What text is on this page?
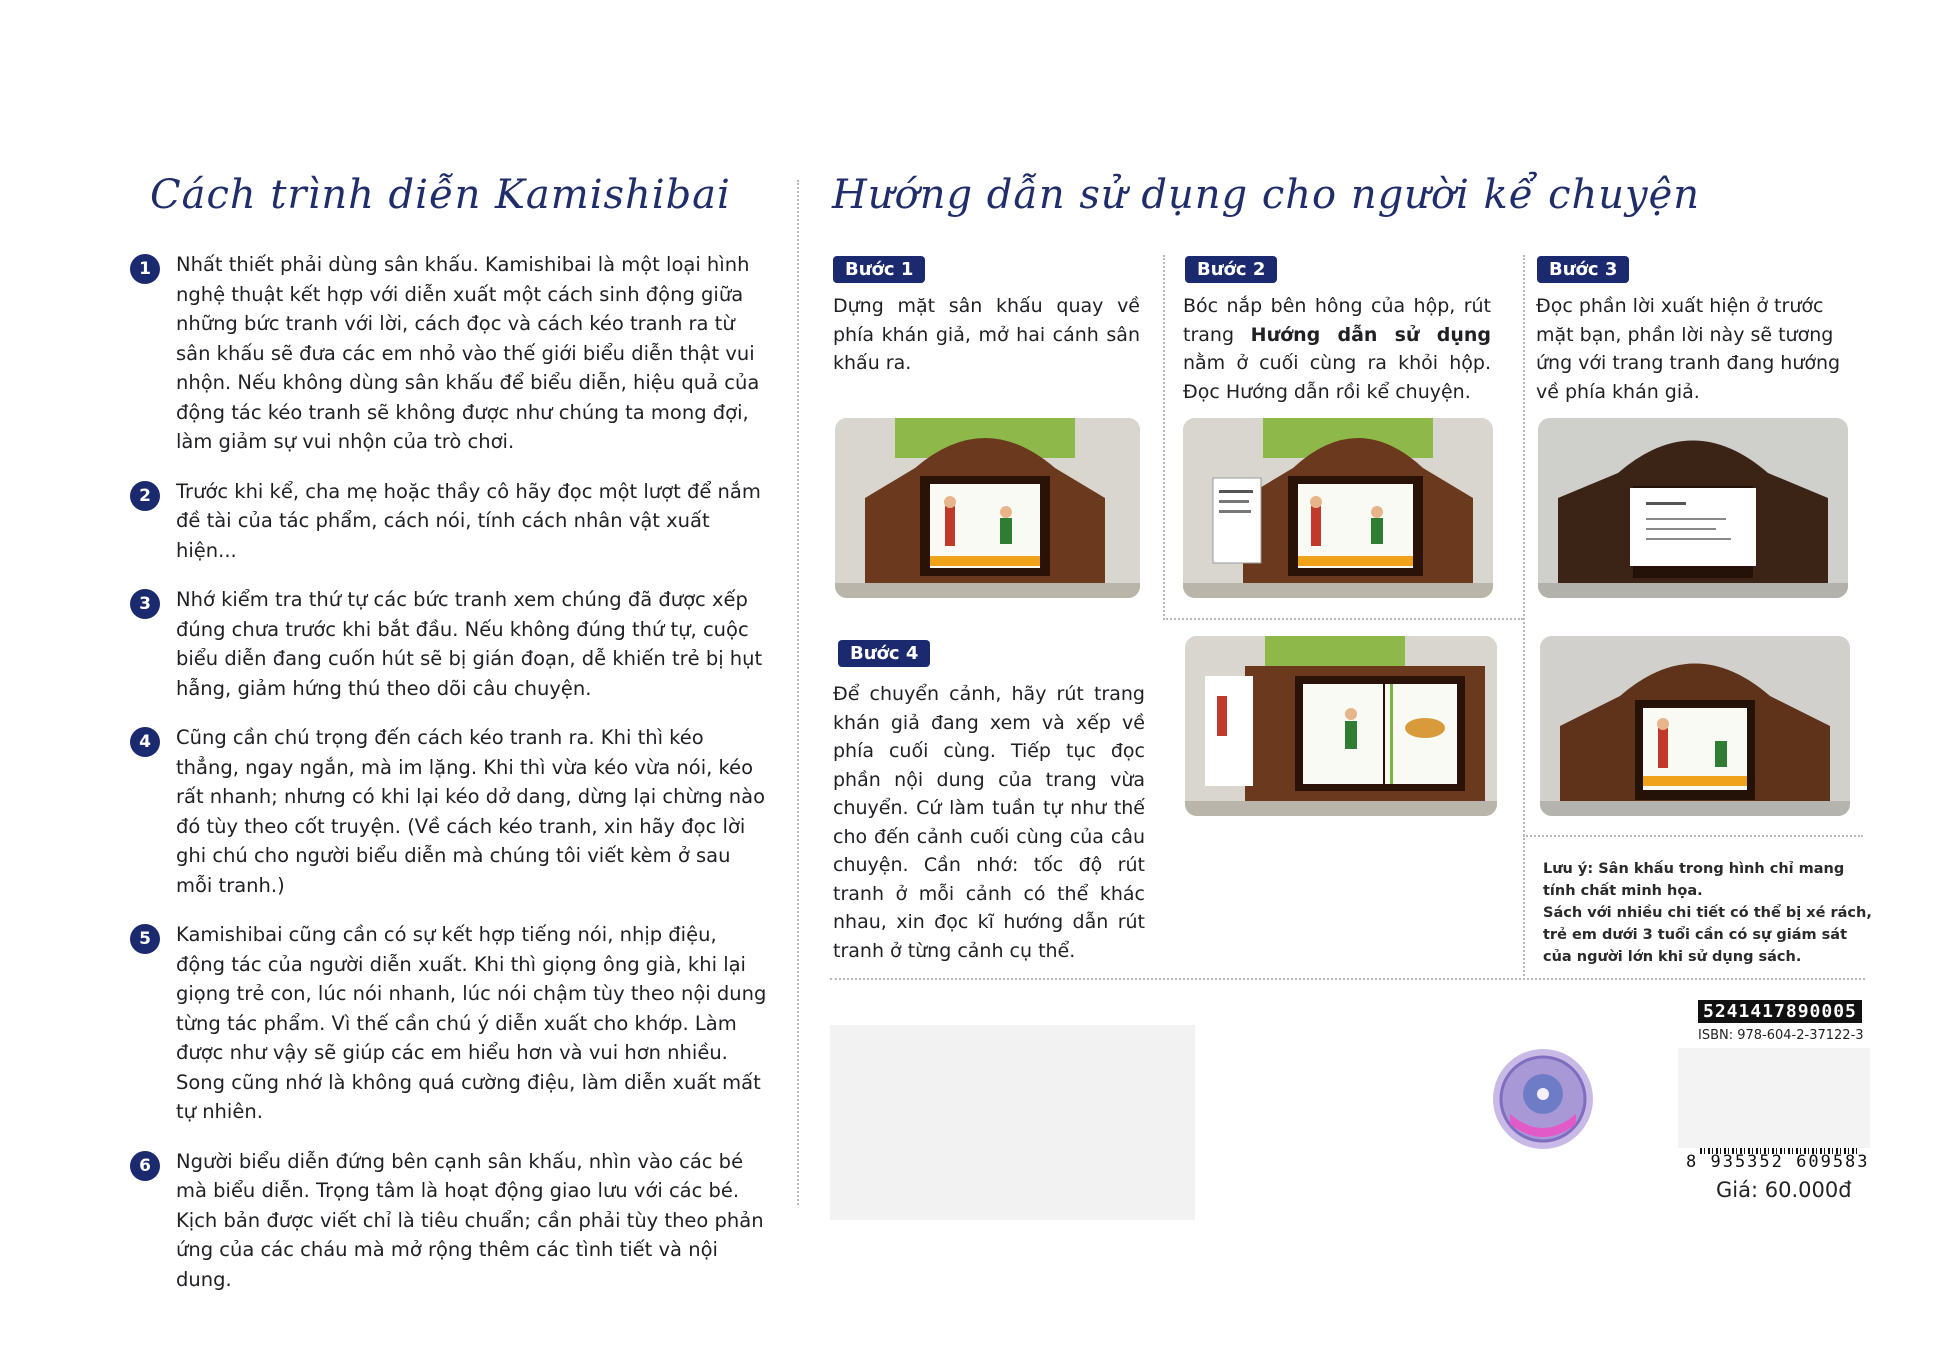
Cách trình diễn Kamishibai
1	Nhất thiết phải dùng sân khấu. Kamishibai là một loại hình nghệ thuật kết hợp với diễn xuất một cách sinh động giữa những bức tranh với lời, cách đọc và cách kéo tranh ra từ sân khấu sẽ đưa các em nhỏ vào thế giới biểu diễn thật vui nhộn. Nếu không dùng sân khấu để biểu diễn, hiệu quả của động tác kéo tranh sẽ không được như chúng ta mong đợi, làm giảm sự vui nhộn của trò chơi.
2	Trước khi kể, cha mẹ hoặc thầy cô hãy đọc một lượt để nắm đề tài của tác phẩm, cách nói, tính cách nhân vật xuất hiện...
3	Nhớ kiểm tra thứ tự các bức tranh xem chúng đã được xếp đúng chưa trước khi bắt đầu. Nếu không đúng thứ tự, cuộc biểu diễn đang cuốn hút sẽ bị gián đoạn, dễ khiến trẻ bị hụt hẫng, giảm hứng thú theo dõi câu chuyện.
4	Cũng cần chú trọng đến cách kéo tranh ra. Khi thì kéo thẳng, ngay ngắn, mà im lặng. Khi thì vừa kéo vừa nói, kéo rất nhanh; nhưng có khi lại kéo dở dang, dừng lại chừng nào đó tùy theo cốt truyện. (Về cách kéo tranh, xin hãy đọc lời ghi chú cho người biểu diễn mà chúng tôi viết kèm ở sau mỗi tranh.)
5	Kamishibai cũng cần có sự kết hợp tiếng nói, nhịp điệu, động tác của người diễn xuất. Khi thì giọng ông già, khi lại giọng trẻ con, lúc nói nhanh, lúc nói chậm tùy theo nội dung từng tác phẩm. Vì thế cần chú ý diễn xuất cho khớp. Làm được như vậy sẽ giúp các em hiểu hơn và vui hơn nhiều. Song cũng nhớ là không quá cường điệu, làm diễn xuất mất tự nhiên.
6	Người biểu diễn đứng bên cạnh sân khấu, nhìn vào các bé mà biểu diễn. Trọng tâm là hoạt động giao lưu với các bé. Kịch bản được viết chỉ là tiêu chuẩn; cần phải tùy theo phản ứng của các cháu mà mở rộng thêm các tình tiết và nội dung.
Hướng dẫn sử dụng cho người kể chuyện
Bước 1
Dựng mặt sân khấu quay về phía khán giả, mở hai cánh sân khấu ra.
Bước 2
Bóc nắp bên hông của hộp, rút trang Hướng dẫn sử dụng nằm ở cuối cùng ra khỏi hộp. Đọc Hướng dẫn rồi kể chuyện.
Bước 3
Đọc phần lời xuất hiện ở trước mặt bạn, phần lời này sẽ tương ứng với trang tranh đang hướng về phía khán giả.
Bước 4
Để chuyển cảnh, hãy rút trang khán giả đang xem và xếp về phía cuối cùng. Tiếp tục đọc phần nội dung của trang vừa chuyển. Cứ làm tuần tự như thế cho đến cảnh cuối cùng của câu chuyện. Cần nhớ: tốc độ rút tranh ở mỗi cảnh có thể khác nhau, xin đọc kĩ hướng dẫn rút tranh ở từng cảnh cụ thể.
Lưu ý: Sân khấu trong hình chỉ mang tính chất minh họa.
Sách với nhiều chi tiết có thể bị xé rách, trẻ em dưới 3 tuổi cần có sự giám sát của người lớn khi sử dụng sách.
5241417890005
ISBN: 978-604-2-37122-3
8 935352 609583
Giá: 60.000đ
